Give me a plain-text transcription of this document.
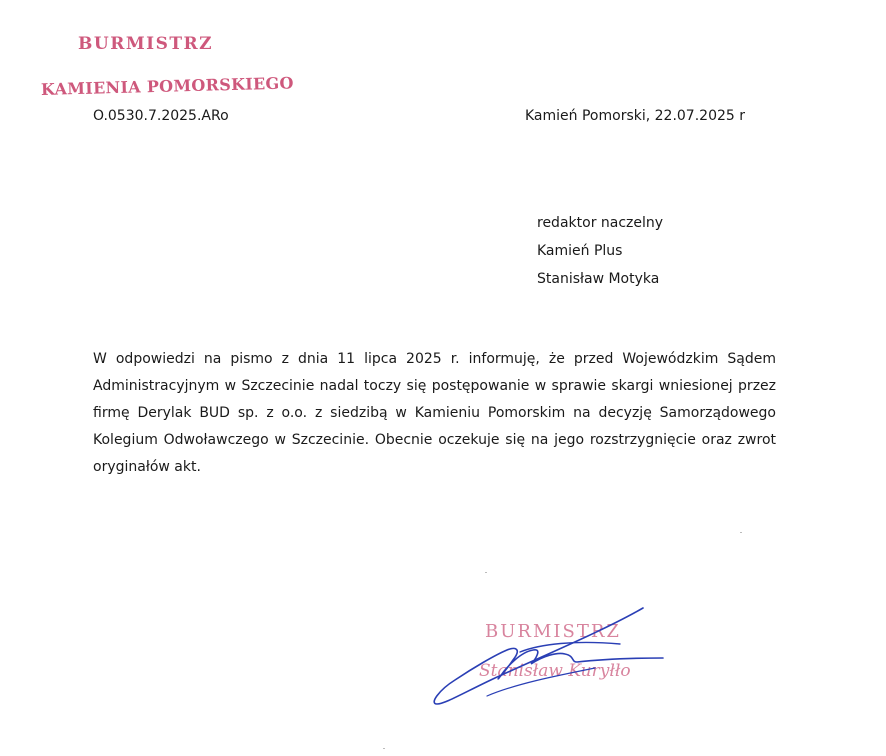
BURMISTRZ
KAMIENIA POMORSKIEGO
O.0530.7.2025.ARo	Kamień Pomorski, 22.07.2025 r
redaktor naczelny
Kamień Plus
Stanisław Motyka
W odpowiedzi na pismo z dnia 11 lipca 2025 r. informuję, że przed Wojewódzkim Sądem Administracyjnym w Szczecinie nadal toczy się postępowanie w sprawie skargi wniesionej przez firmę Derylak BUD sp. z o.o. z siedzibą w Kamieniu Pomorskim na decyzję Samorządowego Kolegium Odwoławczego w Szczecinie. Obecnie oczekuje się na jego rozstrzygnięcie oraz zwrot oryginałów akt.
BURMISTRZ
Stanisław Kuryłło
